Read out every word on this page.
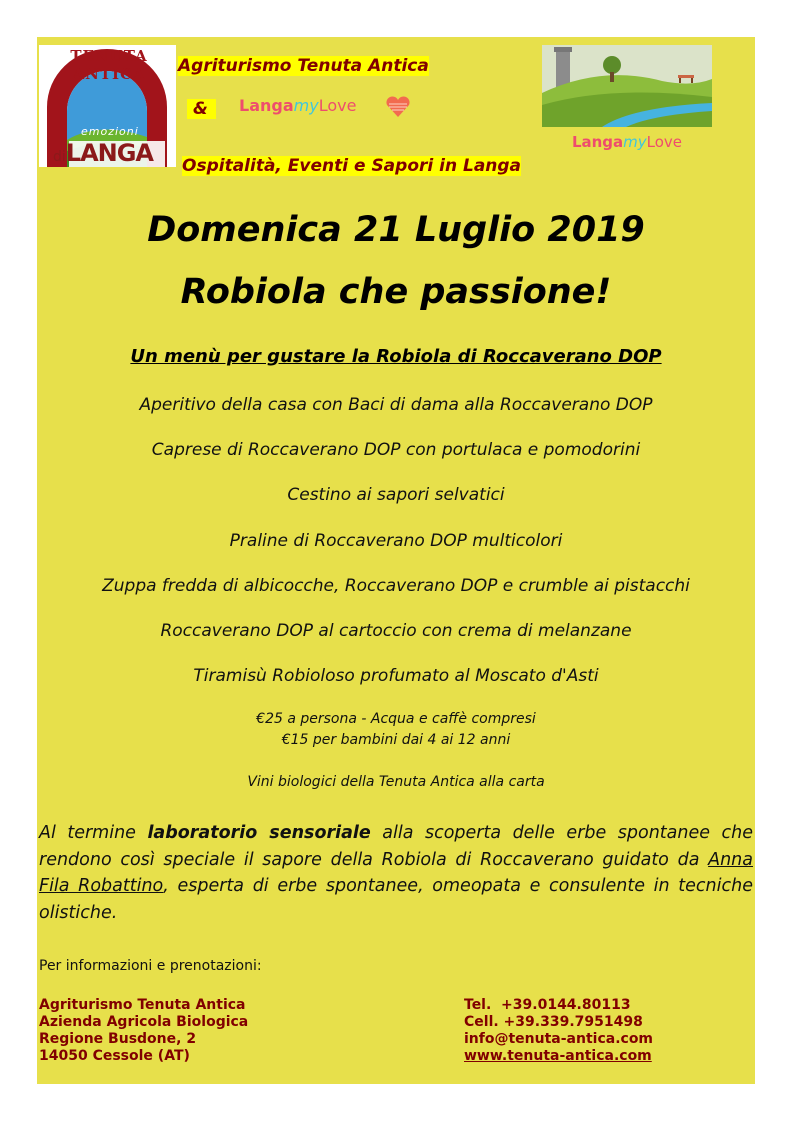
TENUTA ANTICA
emozioni
diLANGA
Agriturismo Tenuta Antica
&	LangamyLove
Ospitalità, Eventi e Sapori in Langa
LangamyLove
Domenica 21 Luglio 2019
Robiola che passione!
Un menù per gustare la Robiola di Roccaverano DOP
Aperitivo della casa con Baci di dama alla Roccaverano DOP
Caprese di Roccaverano DOP con portulaca e pomodorini
Cestino ai sapori selvatici
Praline di Roccaverano DOP multicolori
Zuppa fredda di albicocche, Roccaverano DOP e crumble ai pistacchi
Roccaverano DOP al cartoccio con crema di melanzane
Tiramisù Robioloso profumato al Moscato d'Asti
€25 a persona - Acqua e caffè compresi
€15 per bambini dai 4 ai 12 anni
Vini biologici della Tenuta Antica alla carta
Al termine laboratorio sensoriale alla scoperta delle erbe spontanee che rendono così speciale il sapore della Robiola di Roccaverano guidato da Anna Fila Robattino, esperta di erbe spontanee, omeopata e consulente in tecniche olistiche.
Per informazioni e prenotazioni:
Agriturismo Tenuta Antica
Azienda Agricola Biologica
Regione Busdone, 2
14050 Cessole (AT)
Tel.  +39.0144.80113
Cell. +39.339.7951498
info@tenuta-antica.com
www.tenuta-antica.com
